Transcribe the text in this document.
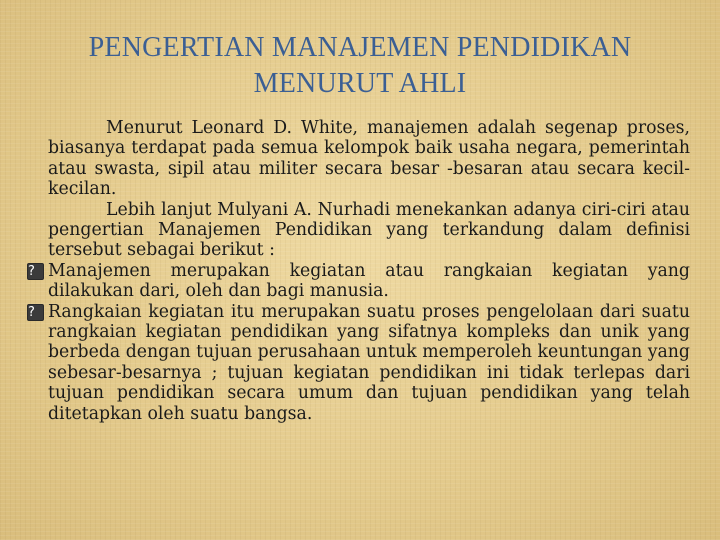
PENGERTIAN MANAJEMEN PENDIDIKAN
MENURUT AHLI

Menurut Leonard D. White, manajemen adalah segenap proses, biasanya terdapat pada semua kelompok baik usaha negara, pemerintah atau swasta, sipil atau militer secara besar -besaran atau secara kecil-kecilan.

Lebih lanjut Mulyani A. Nurhadi menekankan adanya ciri-ciri atau pengertian Manajemen Pendidikan yang terkandung dalam definisi tersebut sebagai berikut :

? Manajemen merupakan kegiatan atau rangkaian kegiatan yang dilakukan dari, oleh dan bagi manusia.
? Rangkaian kegiatan itu merupakan suatu proses pengelolaan dari suatu rangkaian kegiatan pendidikan yang sifatnya kompleks dan unik yang berbeda dengan tujuan perusahaan untuk memperoleh keuntungan yang sebesar-besarnya ; tujuan kegiatan pendidikan ini tidak terlepas dari tujuan pendidikan secara umum dan tujuan pendidikan yang telah ditetapkan oleh suatu bangsa.
